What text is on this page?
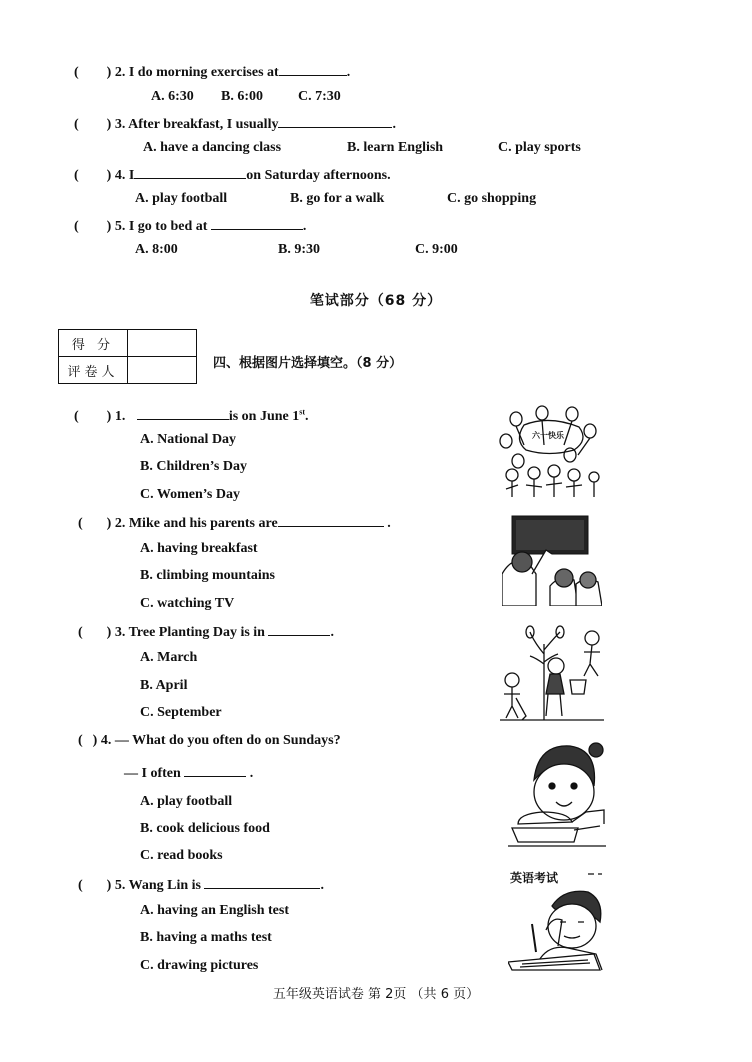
( ) 2. I do morning exercises at	.
A. 6:30 B. 6:00	C. 7:30
( ) 3. After breakfast, I usually	.
A. have a dancing class	B. learn English	C. play sports
( ) 4. I	on Saturday afternoons.
A. play football	B. go for a walk	C. go shopping
( ) 5. I go to bed at	.
A. 8:00	B. 9:30	C. 9:00
笔试部分（68 分）
得 分	
评卷人	
四、根据图片选择填空。（8 分）
( ) 1.	is on June 1st.
A. National Day
B. Children’s Day
C. Women’s Day
六一快乐
( ) 2. Mike and his parents are	.
A. having breakfast
B. climbing mountains
C. watching TV
( ) 3. Tree Planting Day is in	.
A. March
B. April
C. September
( ) 4. — What do you often do on Sundays?
— I often	.
A. play football
B. cook delicious food
C. read books
( ) 5. Wang Lin is	.
A. having an English test
B. having a maths test
C. drawing pictures
英语考试
五年级英语试卷 第 2页 （共 6 页）
